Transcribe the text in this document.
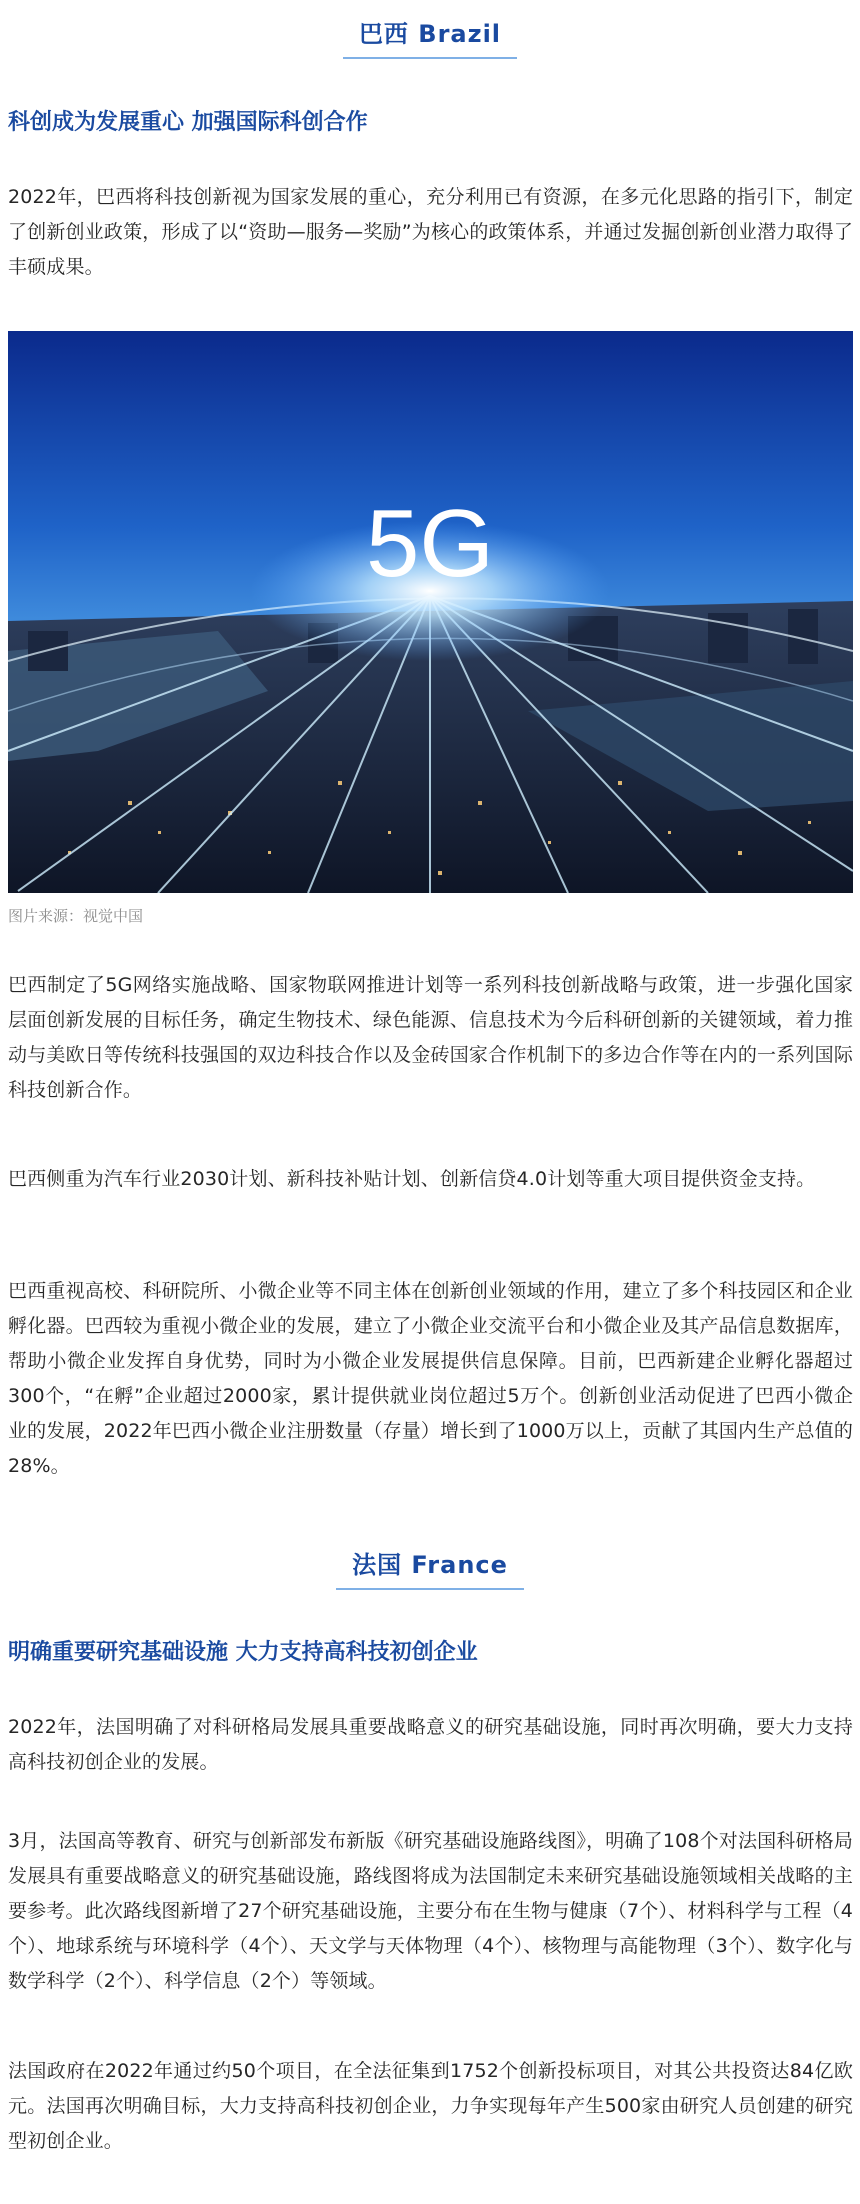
巴西 Brazil
科创成为发展重心 加强国际科创合作

2022年，巴西将科技创新视为国家发展的重心，充分利用已有资源，在多元化思路的指引下，制定了创新创业政策，形成了以“资助—服务—奖励”为核心的政策体系，并通过发掘创新创业潜力取得了丰硕成果。

5G
图片来源：视觉中国

巴西制定了5G网络实施战略、国家物联网推进计划等一系列科技创新战略与政策，进一步强化国家层面创新发展的目标任务，确定生物技术、绿色能源、信息技术为今后科研创新的关键领域，着力推动与美欧日等传统科技强国的双边科技合作以及金砖国家合作机制下的多边合作等在内的一系列国际科技创新合作。

巴西侧重为汽车行业2030计划、新科技补贴计划、创新信贷4.0计划等重大项目提供资金支持。

巴西重视高校、科研院所、小微企业等不同主体在创新创业领域的作用，建立了多个科技园区和企业孵化器。巴西较为重视小微企业的发展，建立了小微企业交流平台和小微企业及其产品信息数据库，帮助小微企业发挥自身优势，同时为小微企业发展提供信息保障。目前，巴西新建企业孵化器超过300个，“在孵”企业超过2000家，累计提供就业岗位超过5万个。创新创业活动促进了巴西小微企业的发展，2022年巴西小微企业注册数量（存量）增长到了1000万以上，贡献了其国内生产总值的28%。

法国 France
明确重要研究基础设施 大力支持高科技初创企业

2022年，法国明确了对科研格局发展具重要战略意义的研究基础设施，同时再次明确，要大力支持高科技初创企业的发展。

3月，法国高等教育、研究与创新部发布新版《研究基础设施路线图》，明确了108个对法国科研格局发展具有重要战略意义的研究基础设施，路线图将成为法国制定未来研究基础设施领域相关战略的主要参考。此次路线图新增了27个研究基础设施，主要分布在生物与健康（7个）、材料科学与工程（4个）、地球系统与环境科学（4个）、天文学与天体物理（4个）、核物理与高能物理（3个）、数字化与数学科学（2个）、科学信息（2个）等领域。

法国政府在2022年通过约50个项目，在全法征集到1752个创新投标项目，对其公共投资达84亿欧元。法国再次明确目标，大力支持高科技初创企业，力争实现每年产生500家由研究人员创建的研究型初创企业。
